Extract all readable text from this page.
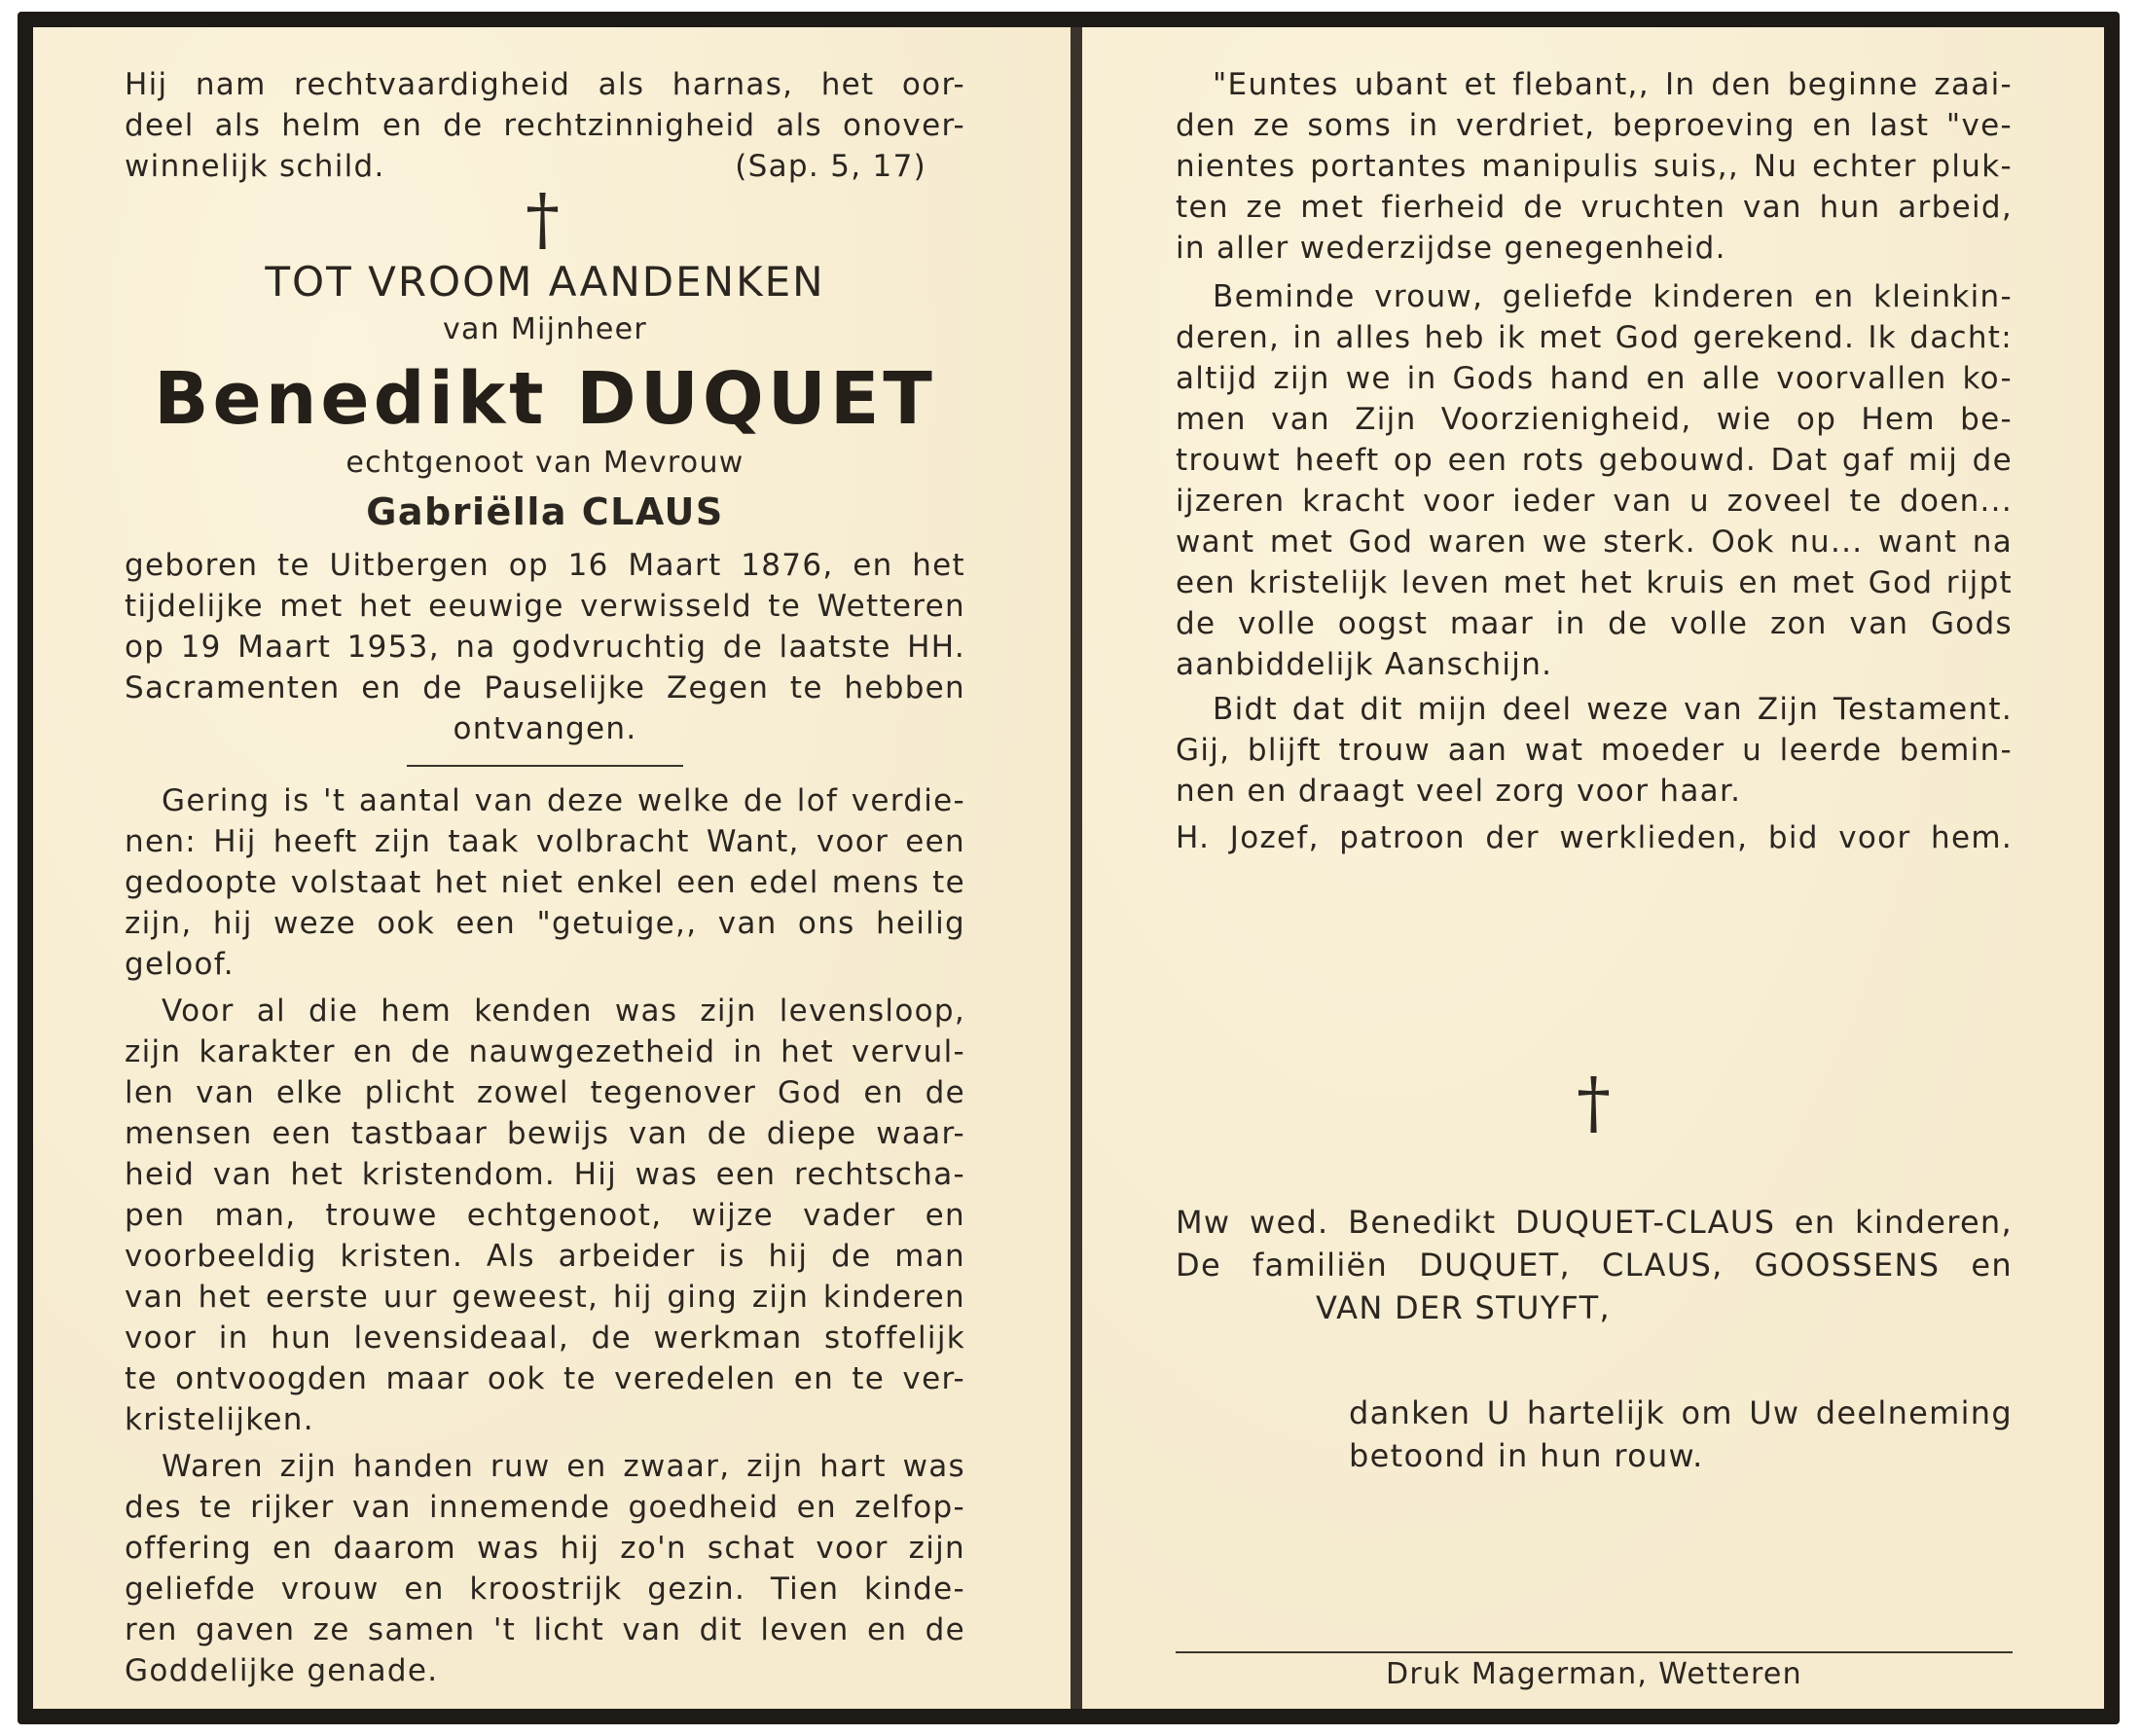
Hij nam rechtvaardigheid als harnas, het oor-
deel als helm en de rechtzinnigheid als onover-
winnelijk schild.	(Sap. 5, 17)
†
TOT VROOM AANDENKEN
van Mijnheer
Benedikt DUQUET
echtgenoot van Mevrouw
Gabriëlla CLAUS
geboren te Uitbergen op 16 Maart 1876, en het
tijdelijke met het eeuwige verwisseld te Wetteren
op 19 Maart 1953, na godvruchtig de laatste HH.
Sacramenten en de Pauselijke Zegen te hebben
ontvangen.
Gering is 't aantal van deze welke de lof verdie-
nen: Hij heeft zijn taak volbracht Want, voor een
gedoopte volstaat het niet enkel een edel mens te
zijn, hij weze ook een "getuige,, van ons heilig
geloof.
Voor al die hem kenden was zijn levensloop,
zijn karakter en de nauwgezetheid in het vervul-
len van elke plicht zowel tegenover God en de
mensen een tastbaar bewijs van de diepe waar-
heid van het kristendom. Hij was een rechtscha-
pen man, trouwe echtgenoot, wijze vader en
voorbeeldig kristen. Als arbeider is hij de man
van het eerste uur geweest, hij ging zijn kinderen
voor in hun levensideaal, de werkman stoffelijk
te ontvoogden maar ook te veredelen en te ver-
kristelijken.
Waren zijn handen ruw en zwaar, zijn hart was
des te rijker van innemende goedheid en zelfop-
offering en daarom was hij zo'n schat voor zijn
geliefde vrouw en kroostrijk gezin. Tien kinde-
ren gaven ze samen 't licht van dit leven en de
Goddelijke genade.
"Euntes ubant et flebant,, In den beginne zaai-
den ze soms in verdriet, beproeving en last "ve-
nientes portantes manipulis suis,, Nu echter pluk-
ten ze met fierheid de vruchten van hun arbeid,
in aller wederzijdse genegenheid.
Beminde vrouw, geliefde kinderen en kleinkin-
deren, in alles heb ik met God gerekend. Ik dacht:
altijd zijn we in Gods hand en alle voorvallen ko-
men van Zijn Voorzienigheid, wie op Hem be-
trouwt heeft op een rots gebouwd. Dat gaf mij de
ijzeren kracht voor ieder van u zoveel te doen...
want met God waren we sterk. Ook nu... want na
een kristelijk leven met het kruis en met God rijpt
de volle oogst maar in de volle zon van Gods
aanbiddelijk Aanschijn.
Bidt dat dit mijn deel weze van Zijn Testament.
Gij, blijft trouw aan wat moeder u leerde bemin-
nen en draagt veel zorg voor haar.
H. Jozef, patroon der werklieden, bid voor hem.
†
Mw wed. Benedikt DUQUET-CLAUS en kinderen,
De familiën DUQUET, CLAUS, GOOSSENS en
VAN DER STUYFT,
danken U hartelijk om Uw deelneming
betoond in hun rouw.
Druk Magerman, Wetteren
